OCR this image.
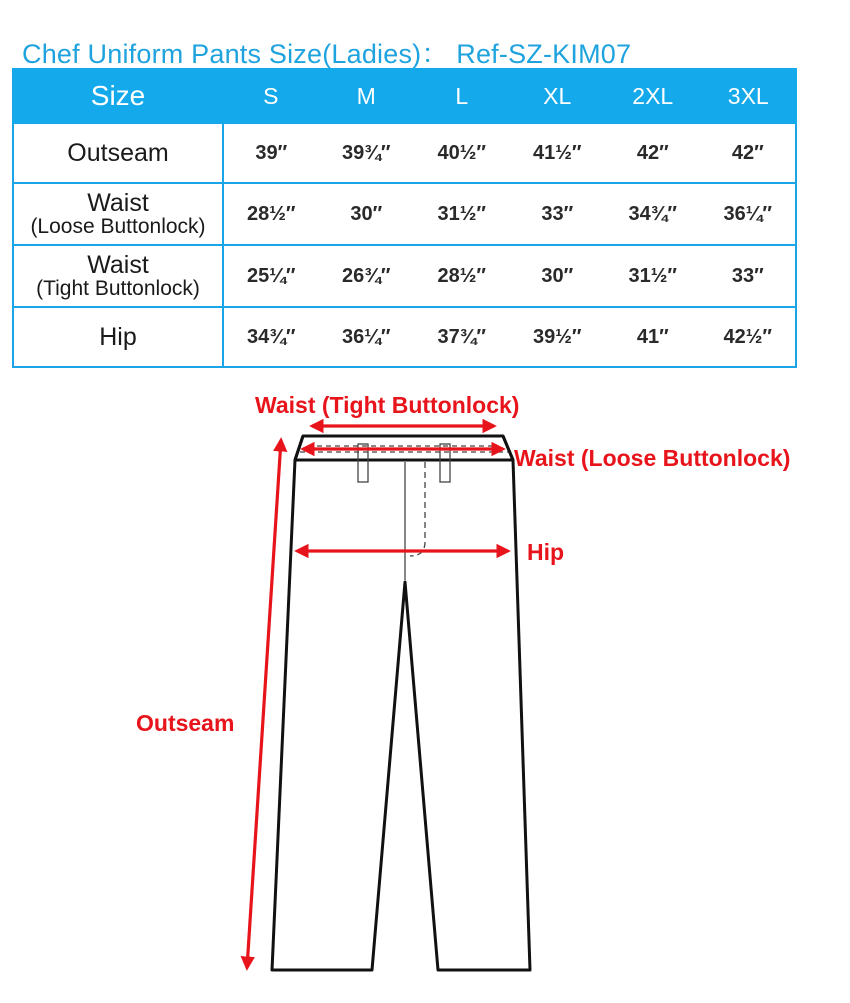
Chef Uniform Pants Size(Ladies)： Ref-SZ-KIM07
Size	S	M	L	XL	2XL	3XL
Outseam	39″	39¾″	40½″	41½″	42″	42″
Waist
(Loose Buttonlock)	28½″	30″	31½″	33″	34¾″	36¼″
Waist
(Tight Buttonlock)	25¼″	26¾″	28½″	30″	31½″	33″
Hip	34¾″	36¼″	37¾″	39½″	41″	42½″
Waist (Tight Buttonlock)
Waist (Loose Buttonlock)
Hip
Outseam
